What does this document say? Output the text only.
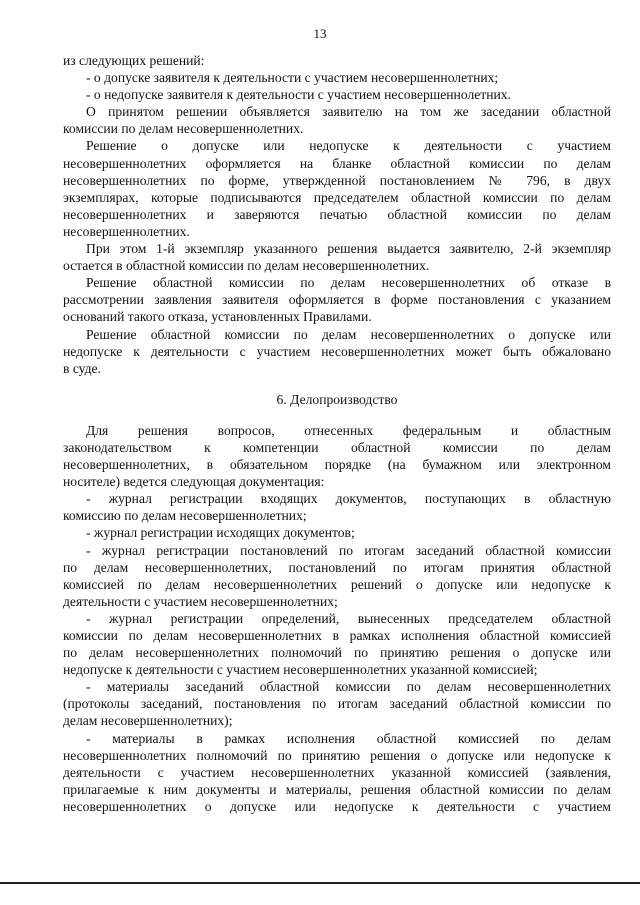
13
из следующих решений:
- о допуске заявителя к деятельности с участием несовершеннолетних;
- о недопуске заявителя к деятельности с участием несовершеннолетних.
О принятом решении объявляется заявителю на том же заседании областной
комиссии по делам несовершеннолетних.
Решение о допуске или недопуске к деятельности с участием
несовершеннолетних оформляется на бланке областной комиссии по делам
несовершеннолетних по форме, утвержденной постановлением № 796, в двух
экземплярах, которые подписываются председателем областной комиссии по делам
несовершеннолетних и заверяются печатью областной комиссии по делам
несовершеннолетних.
При этом 1-й экземпляр указанного решения выдается заявителю, 2-й экземпляр
остается в областной комиссии по делам несовершеннолетних.
Решение областной комиссии по делам несовершеннолетних об отказе в
рассмотрении заявления заявителя оформляется в форме постановления с указанием
оснований такого отказа, установленных Правилами.
Решение областной комиссии по делам несовершеннолетних о допуске или
недопуске к деятельности с участием несовершеннолетних может быть обжаловано
в суде.
6. Делопроизводство
Для решения вопросов, отнесенных федеральным и областным
законодательством к компетенции областной комиссии по делам
несовершеннолетних, в обязательном порядке (на бумажном или электронном
носителе) ведется следующая документация:
- журнал регистрации входящих документов, поступающих в областную
комиссию по делам несовершеннолетних;
- журнал регистрации исходящих документов;
- журнал регистрации постановлений по итогам заседаний областной комиссии
по делам несовершеннолетних, постановлений по итогам принятия областной
комиссией по делам несовершеннолетних решений о допуске или недопуске к
деятельности с участием несовершеннолетних;
- журнал регистрации определений, вынесенных председателем областной
комиссии по делам несовершеннолетних в рамках исполнения областной комиссией
по делам несовершеннолетних полномочий по принятию решения о допуске или
недопуске к деятельности с участием несовершеннолетних указанной комиссией;
- материалы заседаний областной комиссии по делам несовершеннолетних
(протоколы заседаний, постановления по итогам заседаний областной комиссии по
делам несовершеннолетних);
- материалы в рамках исполнения областной комиссией по делам
несовершеннолетних полномочий по принятию решения о допуске или недопуске к
деятельности с участием несовершеннолетних указанной комиссией (заявления,
прилагаемые к ним документы и материалы, решения областной комиссии по делам
несовершеннолетних о допуске или недопуске к деятельности с участием
